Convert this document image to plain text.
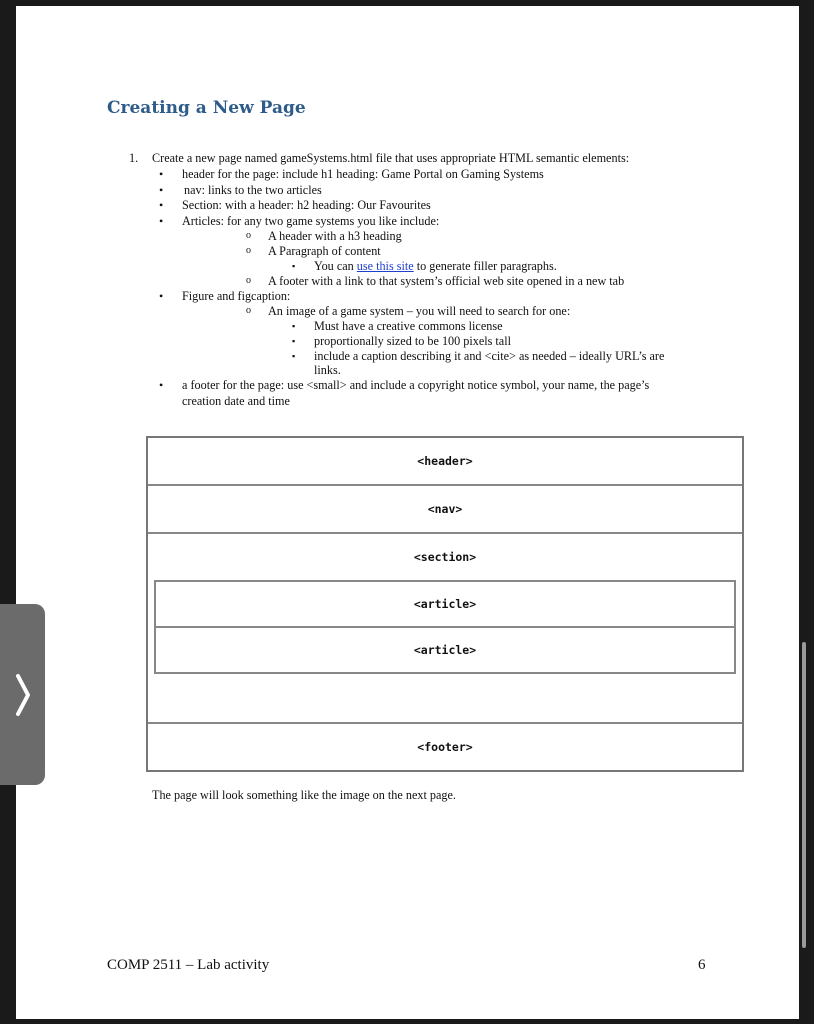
Creating a New Page
1. Create a new page named gameSystems.html file that uses appropriate HTML semantic elements:
• header for the page: include h1 heading: Game Portal on Gaming Systems
• nav: links to the two articles
• Section: with a header: h2 heading: Our Favourites
• Articles: for any two game systems you like include:
o A header with a h3 heading
o A Paragraph of content
▪ You can use this site to generate filler paragraphs.
o A footer with a link to that system’s official web site opened in a new tab
• Figure and figcaption:
o An image of a game system – you will need to search for one:
▪ Must have a creative commons license
▪ proportionally sized to be 100 pixels tall
▪ include a caption describing it and <cite> as needed – ideally URL’s are
links.
• a footer for the page: use <small> and include a copyright notice symbol, your name, the page’s
creation date and time
<header>
<nav>
<section>
<article>
<article>
<footer>
The page will look something like the image on the next page.
COMP 2511 – Lab activity	6
